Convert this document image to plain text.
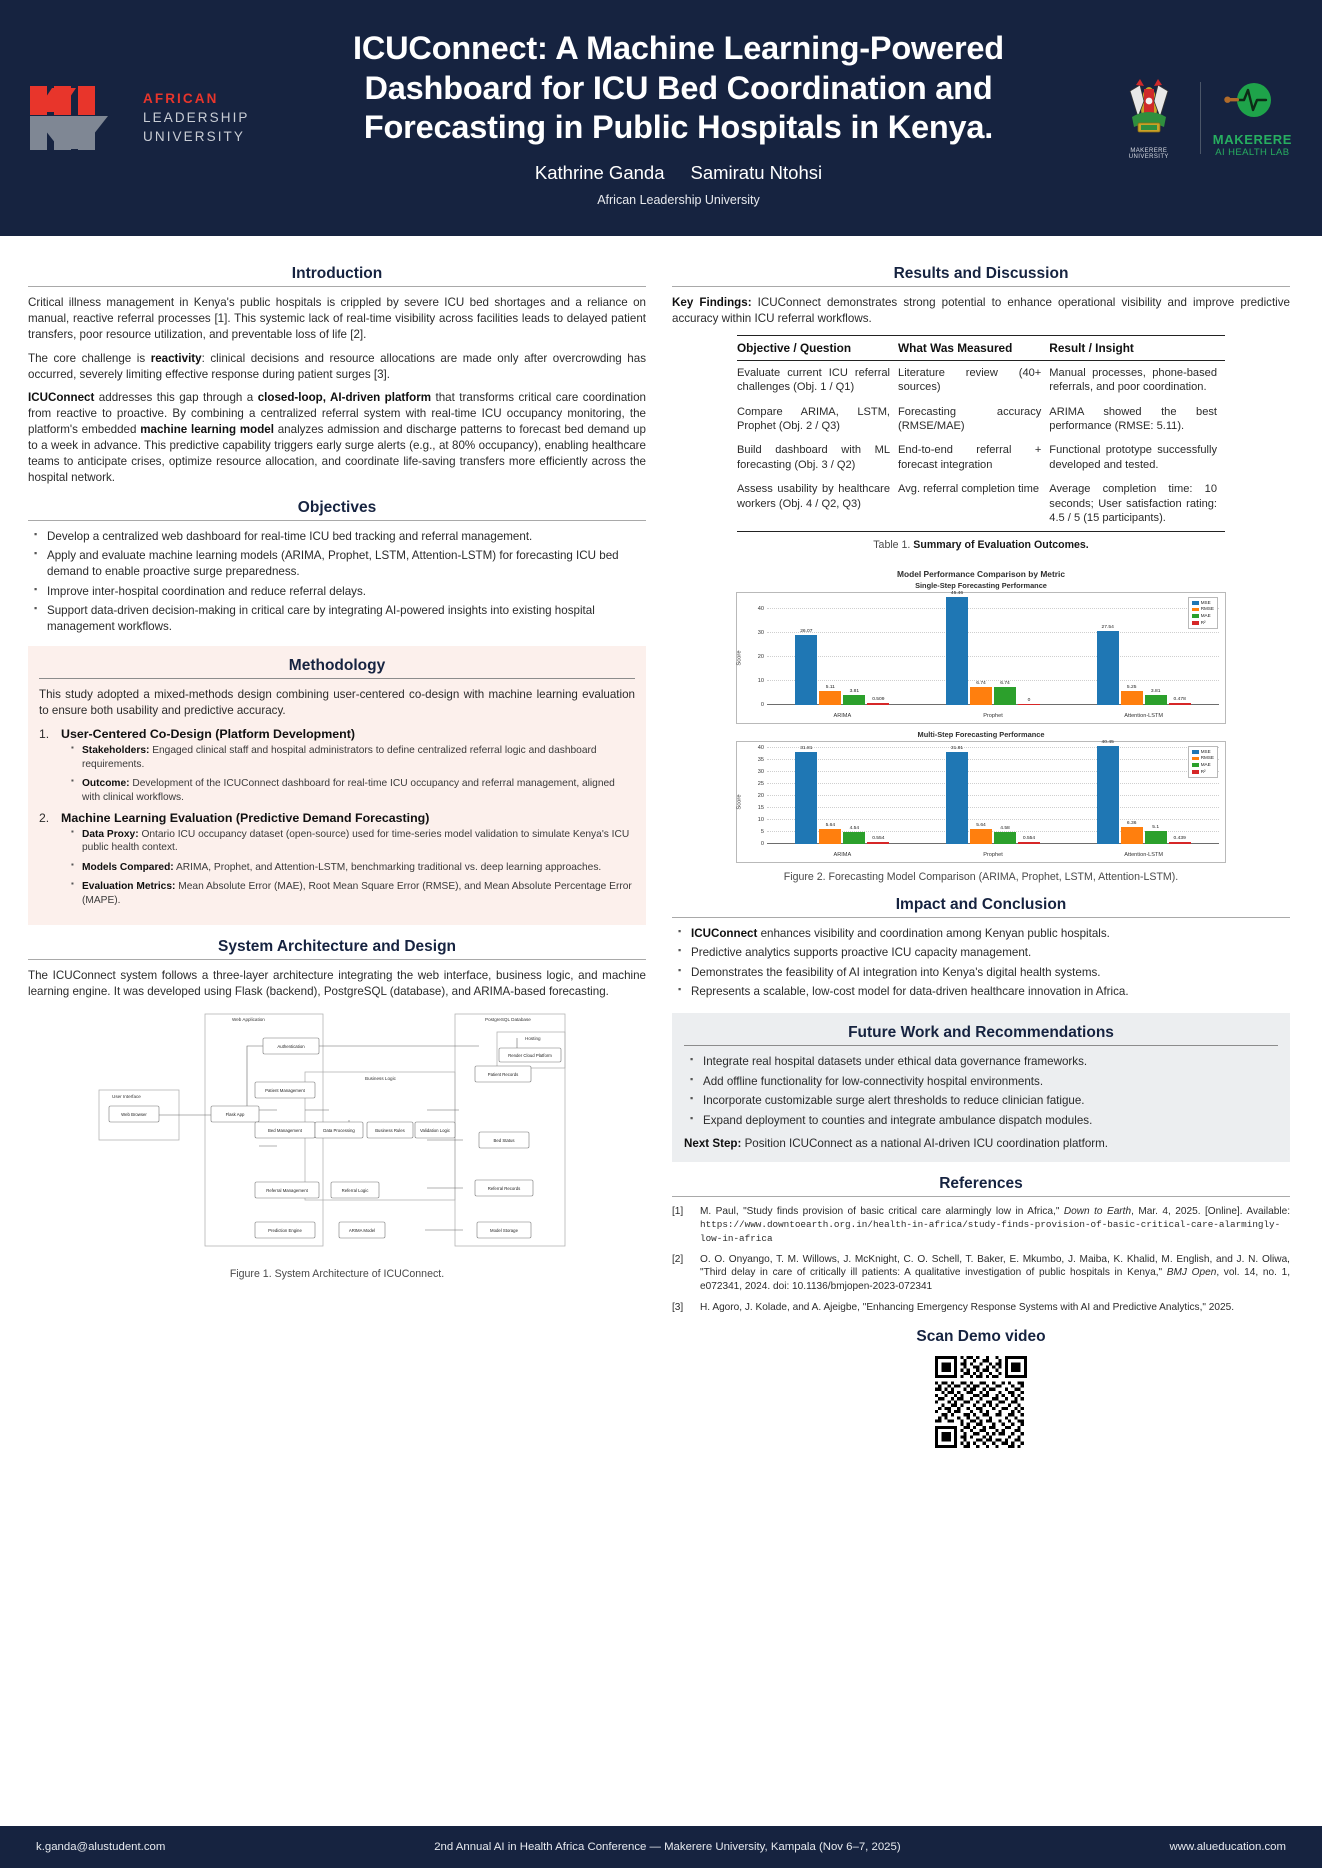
AFRICAN
LEADERSHIP
UNIVERSITY
ICUConnect: A Machine Learning-Powered Dashboard for ICU Bed Coordination and Forecasting in Public Hospitals in Kenya.
Kathrine Ganda Samiratu Ntohsi
African Leadership University
MAKERERE UNIVERSITY
MAKERERE
AI HEALTH LAB
Introduction

Critical illness management in Kenya's public hospitals is crippled by severe ICU bed shortages and a reliance on manual, reactive referral processes [1]. This systemic lack of real-time visibility across facilities leads to delayed patient transfers, poor resource utilization, and preventable loss of life [2].

The core challenge is reactivity: clinical decisions and resource allocations are made only after overcrowding has occurred, severely limiting effective response during patient surges [3].

ICUConnect addresses this gap through a closed-loop, AI-driven platform that transforms critical care coordination from reactive to proactive. By combining a centralized referral system with real-time ICU occupancy monitoring, the platform's embedded machine learning model analyzes admission and discharge patterns to forecast bed demand up to a week in advance. This predictive capability triggers early surge alerts (e.g., at 80% occupancy), enabling healthcare teams to anticipate crises, optimize resource allocation, and coordinate life-saving transfers more efficiently across the hospital network.

Objectives
▪ Develop a centralized web dashboard for real-time ICU bed tracking and referral management.
▪ Apply and evaluate machine learning models (ARIMA, Prophet, LSTM, Attention-LSTM) for forecasting ICU bed demand to enable proactive surge preparedness.
▪ Improve inter-hospital coordination and reduce referral delays.
▪ Support data-driven decision-making in critical care by integrating AI-powered insights into existing hospital management workflows.
Methodology

This study adopted a mixed-methods design combining user-centered co-design with machine learning evaluation to ensure both usability and predictive accuracy.

User-Centered Co-Design (Platform Development)
▪ Stakeholders: Engaged clinical staff and hospital administrators to define centralized referral logic and dashboard requirements.
▪ Outcome: Development of the ICUConnect dashboard for real-time ICU occupancy and referral management, aligned with clinical workflows.
Machine Learning Evaluation (Predictive Demand Forecasting)
▪ Data Proxy: Ontario ICU occupancy dataset (open-source) used for time-series model validation to simulate Kenya's ICU public health context.
▪ Models Compared: ARIMA, Prophet, and Attention-LSTM, benchmarking traditional vs. deep learning approaches.
▪ Evaluation Metrics: Mean Absolute Error (MAE), Root Mean Square Error (RMSE), and Mean Absolute Percentage Error (MAPE).
System Architecture and Design

The ICUConnect system follows a three-layer architecture integrating the web interface, business logic, and machine learning engine. It was developed using Flask (backend), PostgreSQL (database), and ARIMA-based forecasting.

Web Application	PostgreSQL Database
Business Logic
Hosting
User Interface
Web Browser	Flask App
Authentication
Patient Management
Bed Management
Referral Management
Prediction Engine
Data Processing	Business Rules	Validation Logic
Referral Logic
ARIMA Model
Patient Records
Bed Status
Referral Records
Model Storage
Render Cloud Platform
Figure 1. System Architecture of ICUConnect.
Results and Discussion

Key Findings: ICUConnect demonstrates strong potential to enhance operational visibility and improve predictive accuracy within ICU referral workflows.

Objective / Question	What Was Measured	Result / Insight
Evaluate current ICU referral challenges (Obj. 1 / Q1)	Literature review (40+ sources)	Manual processes, phone-based referrals, and poor coordination.
Compare ARIMA, LSTM, Prophet (Obj. 2 / Q3)	Forecasting accuracy (RMSE/MAE)	ARIMA showed the best performance (RMSE: 5.11).
Build dashboard with ML forecasting (Obj. 3 / Q2)	End-to-end referral + forecast integration	Functional prototype successfully developed and tested.
Assess usability by healthcare workers (Obj. 4 / Q2, Q3)	Avg. referral completion time	Average completion time: 10 seconds; User satisfaction rating: 4.5 / 5 (15 participants).
Table 1. Summary of Evaluation Outcomes.
Model Performance Comparison by Metric
Single-Step Forecasting Performance
Score
0
10
20
30
40
26.07
5.11
3.81
0.509
45.46
6.74	6.74
0
27.54
5.25
3.81
0.478
ARIMA	Prophet	Attention-LSTM
MSE
RMSE
MAE
R²
Multi-Step Forecasting Performance
Score
0
5
10
15
20
25
30
35
40	31.81
5.64
4.54
0.554
31.81
5.64
4.58
0.554
40.45
6.36
5.1
0.439
ARIMA	Prophet	Attention-LSTM
MSE
RMSE
MAE
R²
Figure 2. Forecasting Model Comparison (ARIMA, Prophet, LSTM, Attention-LSTM).
Impact and Conclusion
▪ ICUConnect enhances visibility and coordination among Kenyan public hospitals.
▪ Predictive analytics supports proactive ICU capacity management.
▪ Demonstrates the feasibility of AI integration into Kenya's digital health systems.
▪ Represents a scalable, low-cost model for data-driven healthcare innovation in Africa.
Future Work and Recommendations
▪ Integrate real hospital datasets under ethical data governance frameworks.
▪ Add offline functionality for low-connectivity hospital environments.
▪ Incorporate customizable surge alert thresholds to reduce clinician fatigue.
▪ Expand deployment to counties and integrate ambulance dispatch modules.
Next Step: Position ICUConnect as a national AI-driven ICU coordination platform.
References
[1]	M. Paul, "Study finds provision of basic critical care alarmingly low in Africa," Down to Earth, Mar. 4, 2025. [Online]. Available: https://www.downtoearth.org.in/health-in-africa/study-finds-provision-of-basic-critical-care-alarmingly-low-in-africa
[2]	O. O. Onyango, T. M. Willows, J. McKnight, C. O. Schell, T. Baker, E. Mkumbo, J. Maiba, K. Khalid, M. English, and J. N. Oliwa, "Third delay in care of critically ill patients: A qualitative investigation of public hospitals in Kenya," BMJ Open, vol. 14, no. 1, e072341, 2024. doi: 10.1136/bmjopen-2023-072341
[3]	H. Agoro, J. Kolade, and A. Ajeigbe, "Enhancing Emergency Response Systems with AI and Predictive Analytics," 2025.
Scan Demo video
k.ganda@alustudent.com	2nd Annual AI in Health Africa Conference — Makerere University, Kampala (Nov 6–7, 2025)	www.alueducation.com
